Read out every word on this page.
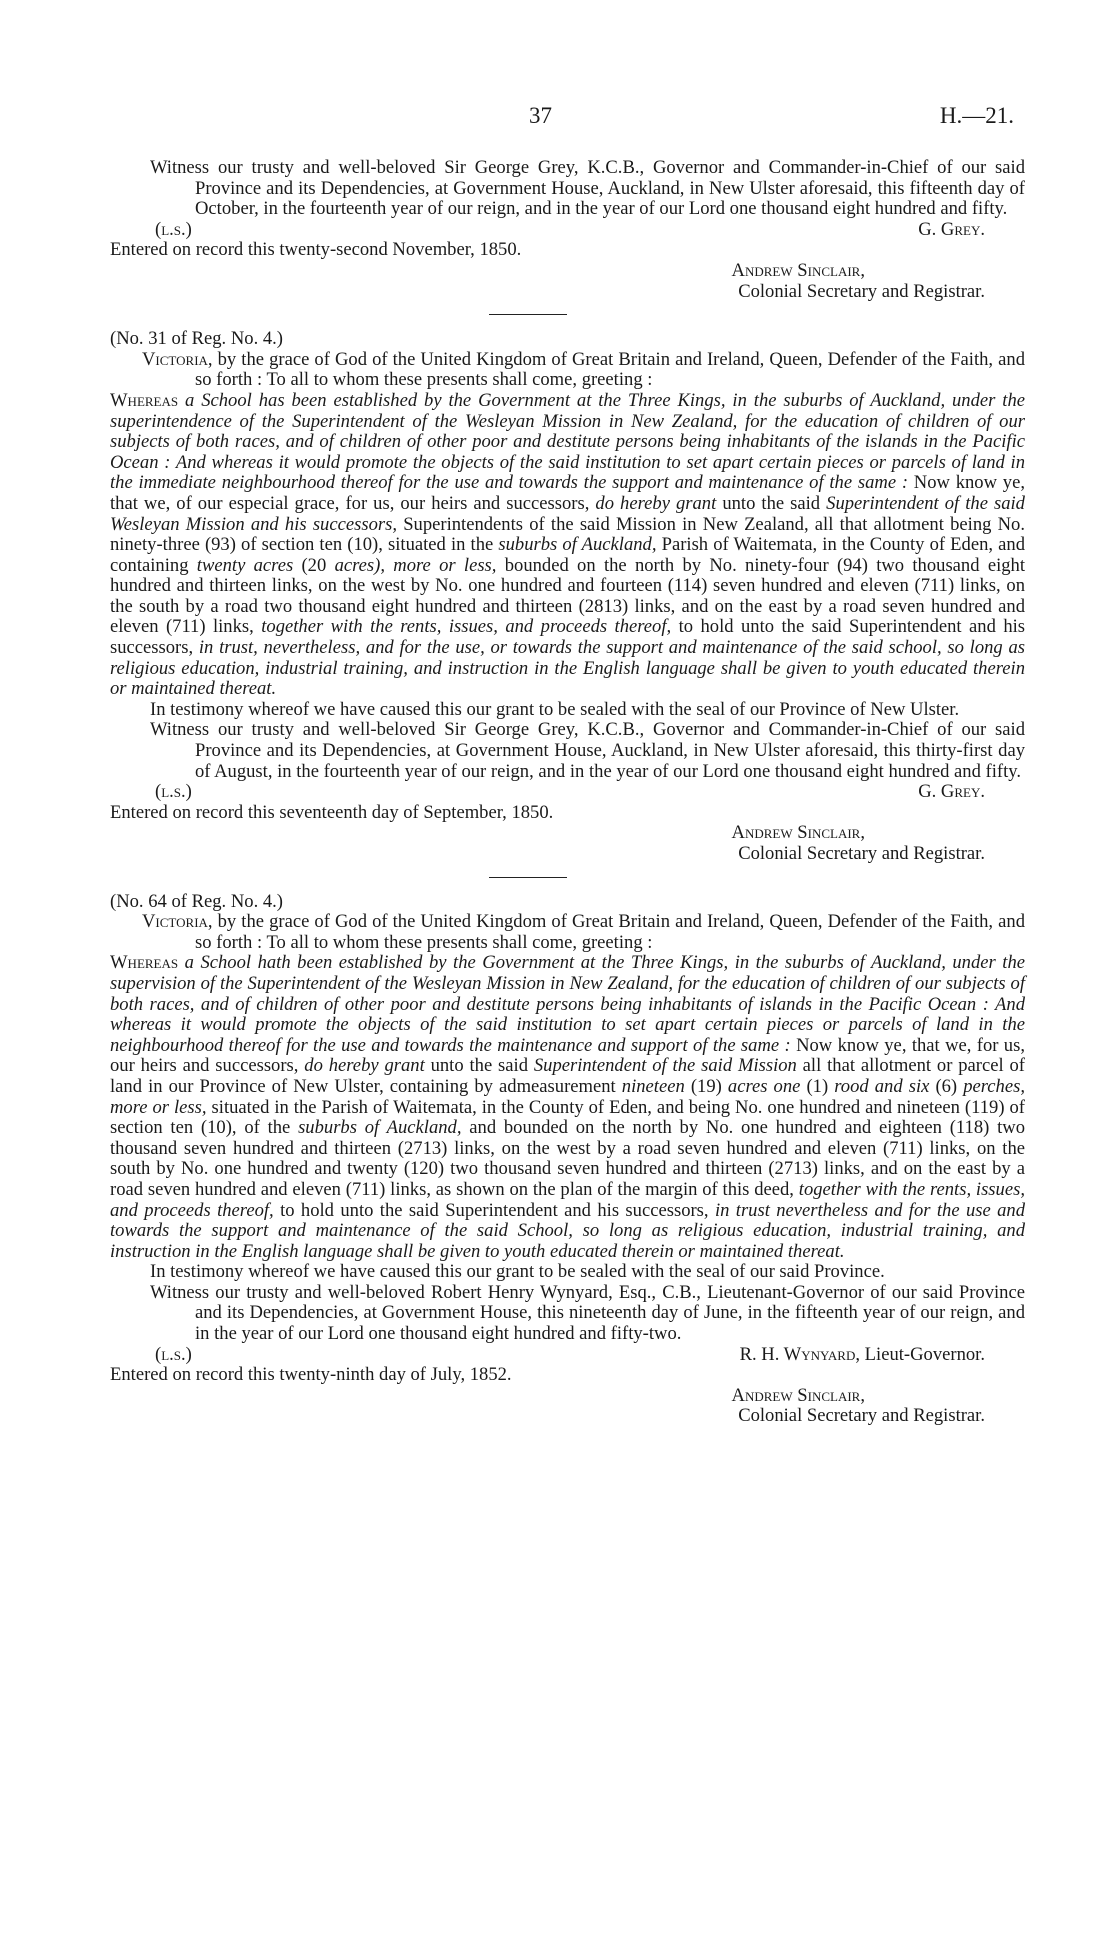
37	H.—21.

Witness our trusty and well-beloved Sir George Grey, K.C.B., Governor and Commander-in-Chief of our said Province and its Dependencies, at Government House, Auckland, in New Ulster aforesaid, this fifteenth day of October, in the fourteenth year of our reign, and in the year of our Lord one thousand eight hundred and fifty.

(l.s.)	G. Grey.
Entered on record this twenty-second November, 1850.
Andrew Sinclair,
Colonial Secretary and Registrar.

(No. 31 of Reg. No. 4.)

Victoria, by the grace of God of the United Kingdom of Great Britain and Ireland, Queen, Defender of the Faith, and so forth : To all to whom these presents shall come, greeting :

Whereas a School has been established by the Government at the Three Kings, in the suburbs of Auckland, under the superintendence of the Superintendent of the Wesleyan Mission in New Zealand, for the education of children of our subjects of both races, and of children of other poor and destitute persons being inhabitants of the islands in the Pacific Ocean : And whereas it would promote the objects of the said institution to set apart certain pieces or parcels of land in the immediate neighbourhood thereof for the use and towards the support and maintenance of the same : Now know ye, that we, of our especial grace, for us, our heirs and successors, do hereby grant unto the said Superintendent of the said Wesleyan Mission and his successors, Superintendents of the said Mission in New Zealand, all that allotment being No. ninety-three (93) of section ten (10), situated in the suburbs of Auckland, Parish of Waitemata, in the County of Eden, and containing twenty acres (20 acres), more or less, bounded on the north by No. ninety-four (94) two thousand eight hundred and thirteen links, on the west by No. one hundred and fourteen (114) seven hundred and eleven (711) links, on the south by a road two thousand eight hundred and thirteen (2813) links, and on the east by a road seven hundred and eleven (711) links, together with the rents, issues, and proceeds thereof, to hold unto the said Superintendent and his successors, in trust, nevertheless, and for the use, or towards the support and maintenance of the said school, so long as religious education, industrial training, and instruction in the English language shall be given to youth educated therein or maintained thereat.

In testimony whereof we have caused this our grant to be sealed with the seal of our Province of New Ulster.

Witness our trusty and well-beloved Sir George Grey, K.C.B., Governor and Commander-in-Chief of our said Province and its Dependencies, at Government House, Auckland, in New Ulster aforesaid, this thirty-first day of August, in the fourteenth year of our reign, and in the year of our Lord one thousand eight hundred and fifty.

(l.s.)	G. Grey.
Entered on record this seventeenth day of September, 1850.
Andrew Sinclair,
Colonial Secretary and Registrar.

(No. 64 of Reg. No. 4.)

Victoria, by the grace of God of the United Kingdom of Great Britain and Ireland, Queen, Defender of the Faith, and so forth : To all to whom these presents shall come, greeting :

Whereas a School hath been established by the Government at the Three Kings, in the suburbs of Auckland, under the supervision of the Superintendent of the Wesleyan Mission in New Zealand, for the education of children of our subjects of both races, and of children of other poor and destitute persons being inhabitants of islands in the Pacific Ocean : And whereas it would promote the objects of the said institution to set apart certain pieces or parcels of land in the neighbourhood thereof for the use and towards the maintenance and support of the same : Now know ye, that we, for us, our heirs and successors, do hereby grant unto the said Superintendent of the said Mission all that allotment or parcel of land in our Province of New Ulster, containing by admeasurement nineteen (19) acres one (1) rood and six (6) perches, more or less, situated in the Parish of Waitemata, in the County of Eden, and being No. one hundred and nineteen (119) of section ten (10), of the suburbs of Auckland, and bounded on the north by No. one hundred and eighteen (118) two thousand seven hundred and thirteen (2713) links, on the west by a road seven hundred and eleven (711) links, on the south by No. one hundred and twenty (120) two thousand seven hundred and thirteen (2713) links, and on the east by a road seven hundred and eleven (711) links, as shown on the plan of the margin of this deed, together with the rents, issues, and proceeds thereof, to hold unto the said Superintendent and his successors, in trust nevertheless and for the use and towards the support and maintenance of the said School, so long as religious education, industrial training, and instruction in the English language shall be given to youth educated therein or maintained thereat.

In testimony whereof we have caused this our grant to be sealed with the seal of our said Province.

Witness our trusty and well-beloved Robert Henry Wynyard, Esq., C.B., Lieutenant-Governor of our said Province and its Dependencies, at Government House, this nineteenth day of June, in the fifteenth year of our reign, and in the year of our Lord one thousand eight hundred and fifty-two.

(l.s.)	R. H. Wynyard, Lieut-Governor.
Entered on record this twenty-ninth day of July, 1852.
Andrew Sinclair,
Colonial Secretary and Registrar.
